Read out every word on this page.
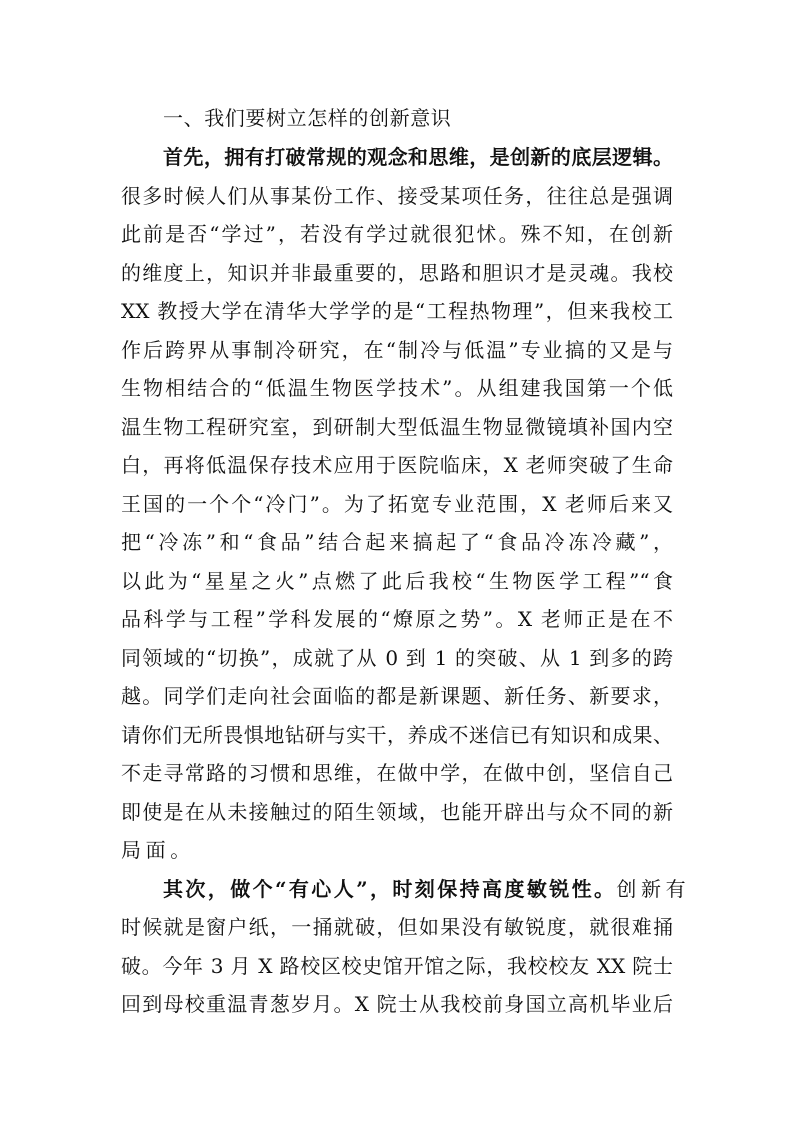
一、我们要树立怎样的创新意识
首先，拥有打破常规的观念和思维，是创新的底层逻辑。
很多时候人们从事某份工作、接受某项任务，往往总是强调
此前是否“学过”，若没有学过就很犯怵。殊不知，在创新
的维度上，知识并非最重要的，思路和胆识才是灵魂。我校
XX 教授大学在清华大学学的是“工程热物理”，但来我校工
作后跨界从事制冷研究，在“制冷与低温”专业搞的又是与
生物相结合的“低温生物医学技术”。从组建我国第一个低
温生物工程研究室，到研制大型低温生物显微镜填补国内空
白，再将低温保存技术应用于医院临床，X 老师突破了生命
王国的一个个“冷门”。为了拓宽专业范围，X 老师后来又
把“冷冻”和“食品”结合起来搞起了“食品冷冻冷藏”，
以此为“星星之火”点燃了此后我校“生物医学工程”“食
品科学与工程”学科发展的“燎原之势”。X 老师正是在不
同领域的“切换”，成就了从 0 到 1 的突破、从 1 到多的跨
越。同学们走向社会面临的都是新课题、新任务、新要求，
请你们无所畏惧地钻研与实干，养成不迷信已有知识和成果、
不走寻常路的习惯和思维，在做中学，在做中创，坚信自己
即使是在从未接触过的陌生领域，也能开辟出与众不同的新
局面。
其次，做个“有心人”，时刻保持高度敏锐性。 创新有
时候就是窗户纸，一捅就破，但如果没有敏锐度，就很难捅
破。今年 3 月 X 路校区校史馆开馆之际，我校校友 XX 院士
回到母校重温青葱岁月。X 院士从我校前身国立高机毕业后
